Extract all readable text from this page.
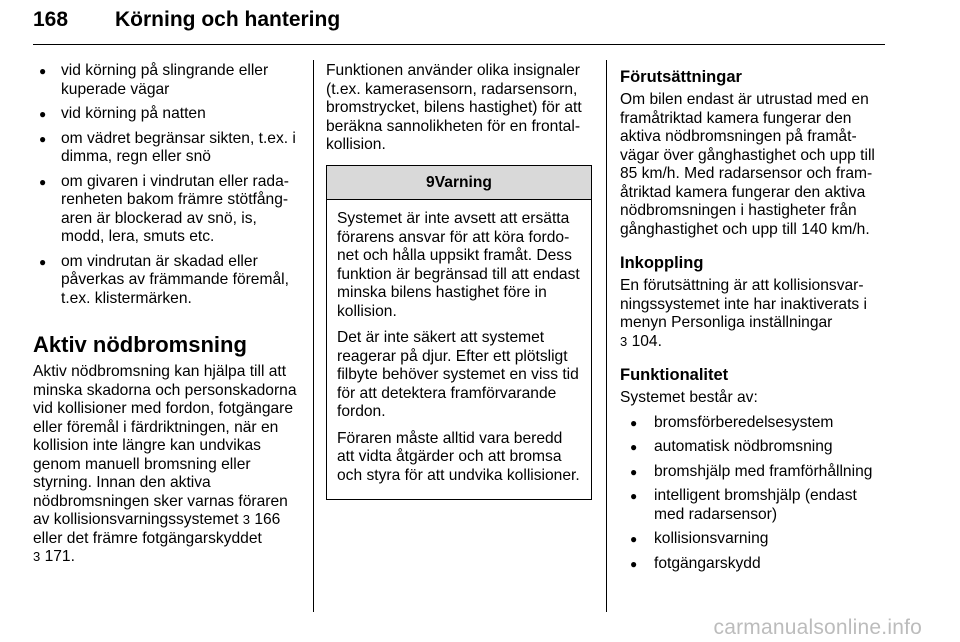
168 Körning och hantering
● vid körning på slingrande eller kuperade vägar
● vid körning på natten
● om vädret begränsar sikten, t.ex. i dimma, regn eller snö
● om givaren i vindrutan eller radarenheten bakom främre stötfångaren är blockerad av snö, is, modd, lera, smuts etc.
● om vindrutan är skadad eller påverkas av främmande föremål, t.ex. klistermärken.
Aktiv nödbromsning

Aktiv nödbromsning kan hjälpa till att minska skadorna och personskadorna vid kollisioner med fordon, fotgängare eller föremål i färdriktningen, när en kollision inte längre kan undvikas genom manuell bromsning eller styrning. Innan den aktiva nödbromsningen sker varnas föraren av kollisionsvarningssystemet 3 166 eller det främre fotgängarskyddet
3 171.

Funktionen använder olika insignaler (t.ex. kamerasensorn, radarsensorn, bromstrycket, bilens hastighet) för att beräkna sannolikheten för en frontalkollision.

9Varning

Systemet är inte avsett att ersätta förarens ansvar för att köra fordonet och hålla uppsikt framåt. Dess funktion är begränsad till att endast minska bilens hastighet före in kollision.

Det är inte säkert att systemet reagerar på djur. Efter ett plötsligt filbyte behöver systemet en viss tid för att detektera framförvarande fordon.

Föraren måste alltid vara beredd att vidta åtgärder och att bromsa och styra för att undvika kollisioner.

Förutsättningar

Om bilen endast är utrustad med en framåtriktad kamera fungerar den aktiva nödbromsningen på framåtvägar över gånghastighet och upp till 85 km/h. Med radarsensor och framåtriktad kamera fungerar den aktiva nödbromsningen i hastigheter från gånghastighet och upp till 140 km/h.

Inkoppling

En förutsättning är att kollisionsvarningssystemet inte har inaktiverats i menyn Personliga inställningar
3 104.

Funktionalitet

Systemet består av:

● bromsförberedelsesystem
● automatisk nödbromsning
● bromshjälp med framförhållning
● intelligent bromshjälp (endast med radarsensor)
● kollisionsvarning
● fotgängarskydd
carmanualsonline.info
